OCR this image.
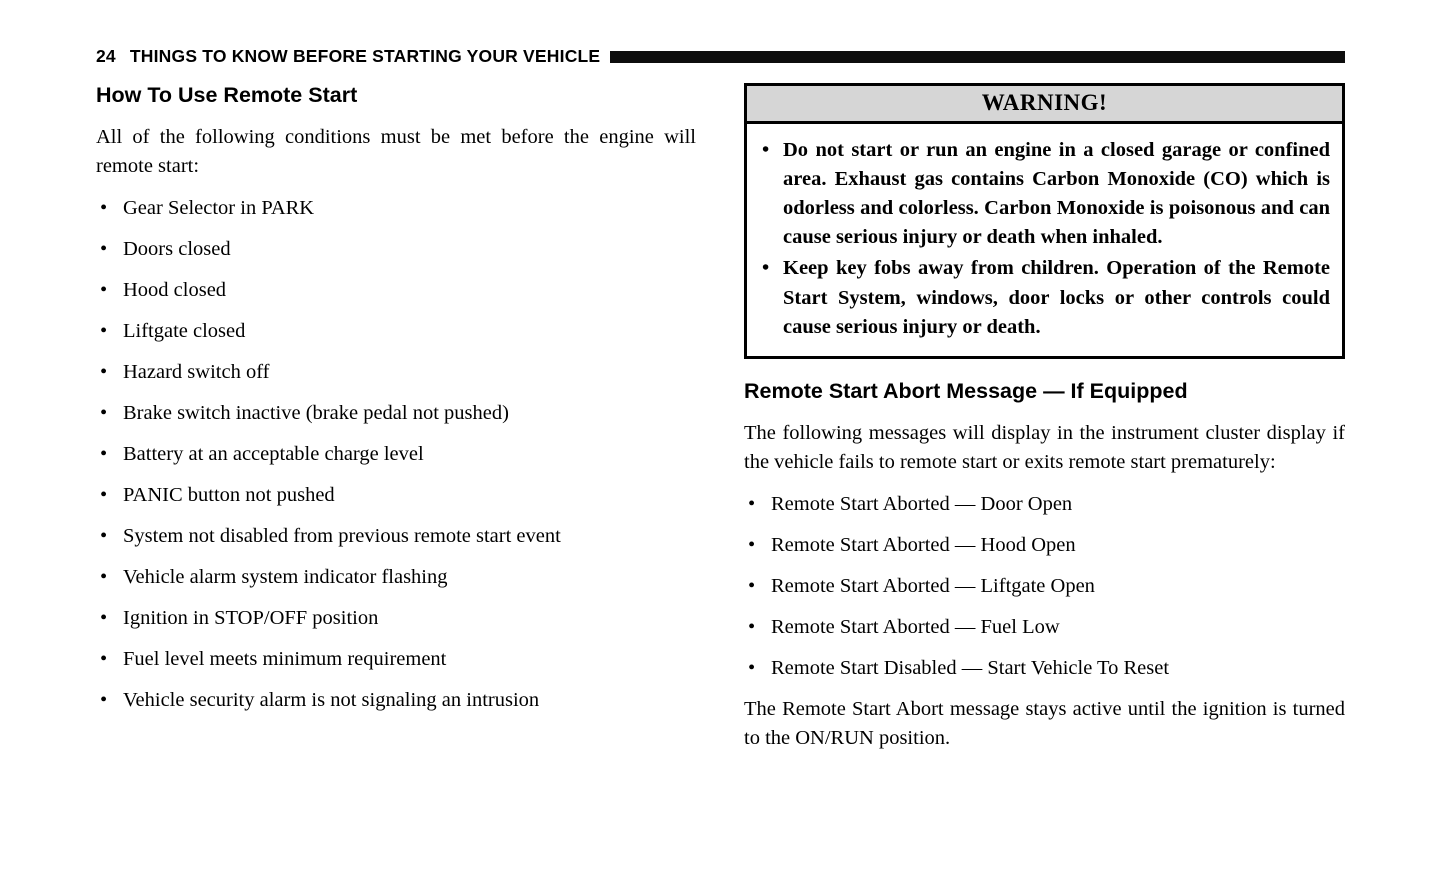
24 THINGS TO KNOW BEFORE STARTING YOUR VEHICLE
How To Use Remote Start

All of the following conditions must be met before the engine will remote start:

• Gear Selector in PARK
• Doors closed
• Hood closed
• Liftgate closed
• Hazard switch off
• Brake switch inactive (brake pedal not pushed)
• Battery at an acceptable charge level
• PANIC button not pushed
• System not disabled from previous remote start event
• Vehicle alarm system indicator flashing
• Ignition in STOP/OFF position
• Fuel level meets minimum requirement
• Vehicle security alarm is not signaling an intrusion
WARNING!
• Do not start or run an engine in a closed garage or confined area. Exhaust gas contains Carbon Monoxide (CO) which is odorless and colorless. Carbon Monoxide is poisonous and can cause serious injury or death when inhaled.
• Keep key fobs away from children. Operation of the Remote Start System, windows, door locks or other controls could cause serious injury or death.
Remote Start Abort Message — If Equipped

The following messages will display in the instrument cluster display if the vehicle fails to remote start or exits remote start prematurely:

• Remote Start Aborted — Door Open
• Remote Start Aborted — Hood Open
• Remote Start Aborted — Liftgate Open
• Remote Start Aborted — Fuel Low
• Remote Start Disabled — Start Vehicle To Reset

The Remote Start Abort message stays active until the ignition is turned to the ON/RUN position.
